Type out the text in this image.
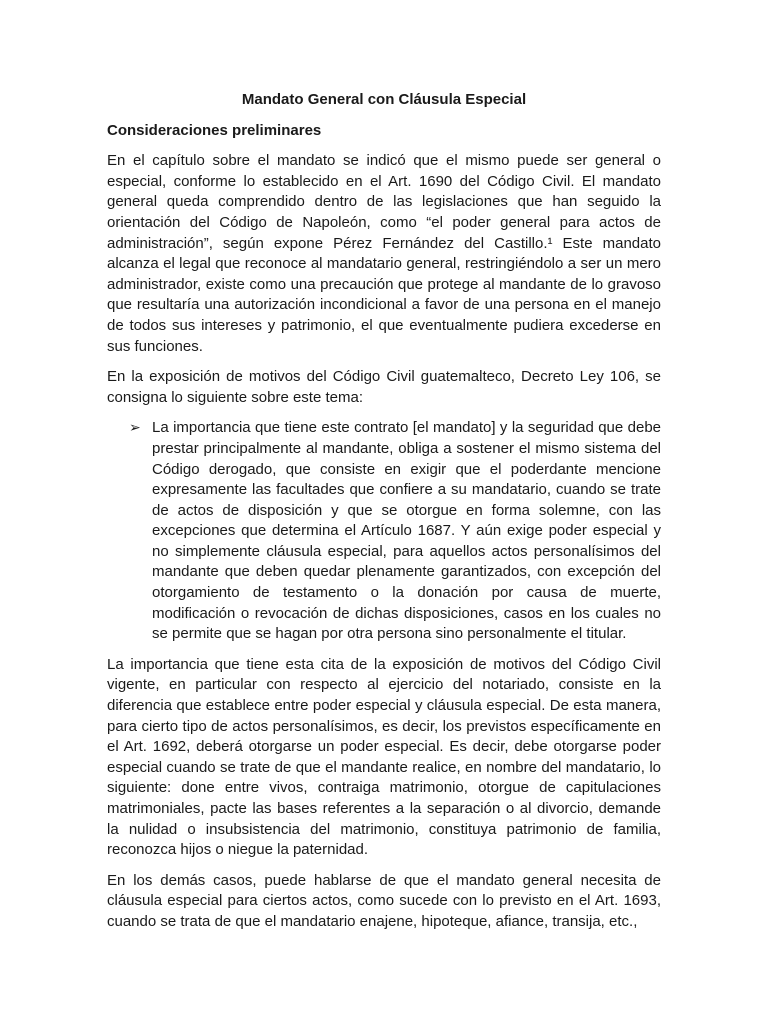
Mandato General con Cláusula Especial

Consideraciones preliminares

En el capítulo sobre el mandato se indicó que el mismo puede ser general o especial, conforme lo establecido en el Art. 1690 del Código Civil. El mandato general queda comprendido dentro de las legislaciones que han seguido la orientación del Código de Napoleón, como “el poder general para actos de administración”, según expone Pérez Fernández del Castillo.¹ Este mandato alcanza el legal que reconoce al mandatario general, restringiéndolo a ser un mero administrador, existe como una precaución que protege al mandante de lo gravoso que resultaría una autorización incondicional a favor de una persona en el manejo de todos sus intereses y patrimonio, el que eventualmente pudiera excederse en sus funciones.

En la exposición de motivos del Código Civil guatemalteco, Decreto Ley 106, se consigna lo siguiente sobre este tema:

➢ La importancia que tiene este contrato [el mandato] y la seguridad que debe prestar principalmente al mandante, obliga a sostener el mismo sistema del Código derogado, que consiste en exigir que el poderdante mencione expresamente las facultades que confiere a su mandatario, cuando se trate de actos de disposición y que se otorgue en forma solemne, con las excepciones que determina el Artículo 1687. Y aún exige poder especial y no simplemente cláusula especial, para aquellos actos personalísimos del mandante que deben quedar plenamente garantizados, con excepción del otorgamiento de testamento o la donación por causa de muerte, modificación o revocación de dichas disposiciones, casos en los cuales no se permite que se hagan por otra persona sino personalmente el titular.

La importancia que tiene esta cita de la exposición de motivos del Código Civil vigente, en particular con respecto al ejercicio del notariado, consiste en la diferencia que establece entre poder especial y cláusula especial. De esta manera, para cierto tipo de actos personalísimos, es decir, los previstos específicamente en el Art. 1692, deberá otorgarse un poder especial. Es decir, debe otorgarse poder especial cuando se trate de que el mandante realice, en nombre del mandatario, lo siguiente: done entre vivos, contraiga matrimonio, otorgue de capitulaciones matrimoniales, pacte las bases referentes a la separación o al divorcio, demande la nulidad o insubsistencia del matrimonio, constituya patrimonio de familia, reconozca hijos o niegue la paternidad.

En los demás casos, puede hablarse de que el mandato general necesita de cláusula especial para ciertos actos, como sucede con lo previsto en el Art. 1693, cuando se trata de que el mandatario enajene, hipoteque, afiance, transija, etc.,
